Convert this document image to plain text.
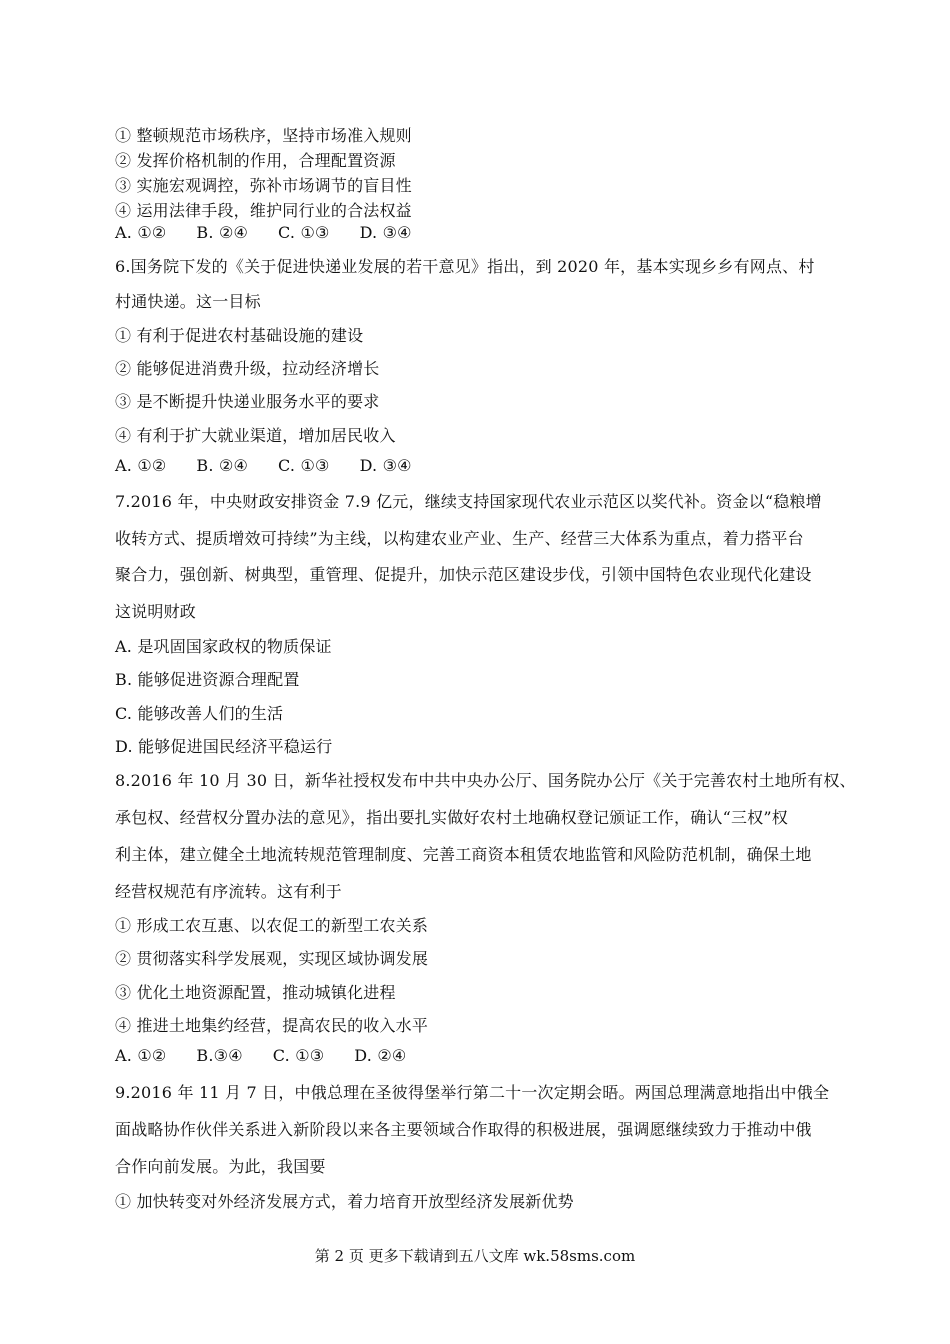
① 整顿规范市场秩序，坚持市场准入规则
② 发挥价格机制的作用，合理配置资源
③ 实施宏观调控，弥补市场调节的盲目性
④ 运用法律手段，维护同行业的合法权益
A. ①② B. ②④ C. ①③ D. ③④
6.国务院下发的《关于促进快递业发展的若干意见》指出，到 2020 年，基本实现乡乡有网点、村
村通快递。这一目标
① 有利于促进农村基础设施的建设
② 能够促进消费升级，拉动经济增长
③ 是不断提升快递业服务水平的要求
④ 有利于扩大就业渠道，增加居民收入
A. ①② B. ②④ C. ①③ D. ③④
7.2016 年，中央财政安排资金 7.9 亿元，继续支持国家现代农业示范区以奖代补。资金以“稳粮增
收转方式、提质增效可持续”为主线，以构建农业产业、生产、经营三大体系为重点，着力搭平台
聚合力，强创新、树典型，重管理、促提升，加快示范区建设步伐，引领中国特色农业现代化建设
这说明财政
A. 是巩固国家政权的物质保证
B. 能够促进资源合理配置
C. 能够改善人们的生活
D. 能够促进国民经济平稳运行
8.2016 年 10 月 30 日，新华社授权发布中共中央办公厅、国务院办公厅《关于完善农村土地所有权、
承包权、经营权分置办法的意见》，指出要扎实做好农村土地确权登记颁证工作，确认“三权”权
利主体，建立健全土地流转规范管理制度、完善工商资本租赁农地监管和风险防范机制，确保土地
经营权规范有序流转。这有利于
① 形成工农互惠、以农促工的新型工农关系
② 贯彻落实科学发展观，实现区域协调发展
③ 优化土地资源配置，推动城镇化进程
④ 推进土地集约经营，提高农民的收入水平
A. ①② B.③④ C. ①③ D. ②④
9.2016 年 11 月 7 日，中俄总理在圣彼得堡举行第二十一次定期会晤。两国总理满意地指出中俄全
面战略协作伙伴关系进入新阶段以来各主要领域合作取得的积极进展，强调愿继续致力于推动中俄
合作向前发展。为此，我国要
① 加快转变对外经济发展方式，着力培育开放型经济发展新优势
第 2 页 更多下载请到五八文库 wk.58sms.com
